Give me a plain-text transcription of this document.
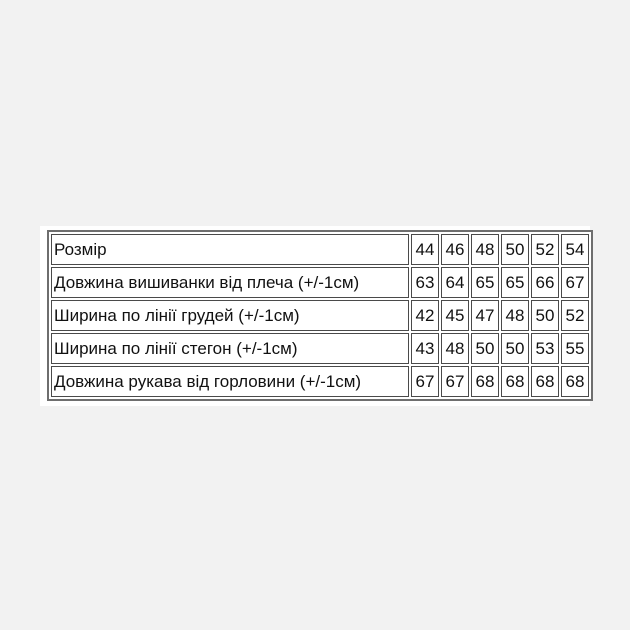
Розмір	44	46	48	50	52	54
Довжина вишиванки від плеча (+/-1см)	63	64	65	65	66	67
Ширина по лінії грудей (+/-1см)	42	45	47	48	50	52
Ширина по лінії стегон (+/-1см)	43	48	50	50	53	55
Довжина рукава від горловини (+/-1см)	67	67	68	68	68	68
